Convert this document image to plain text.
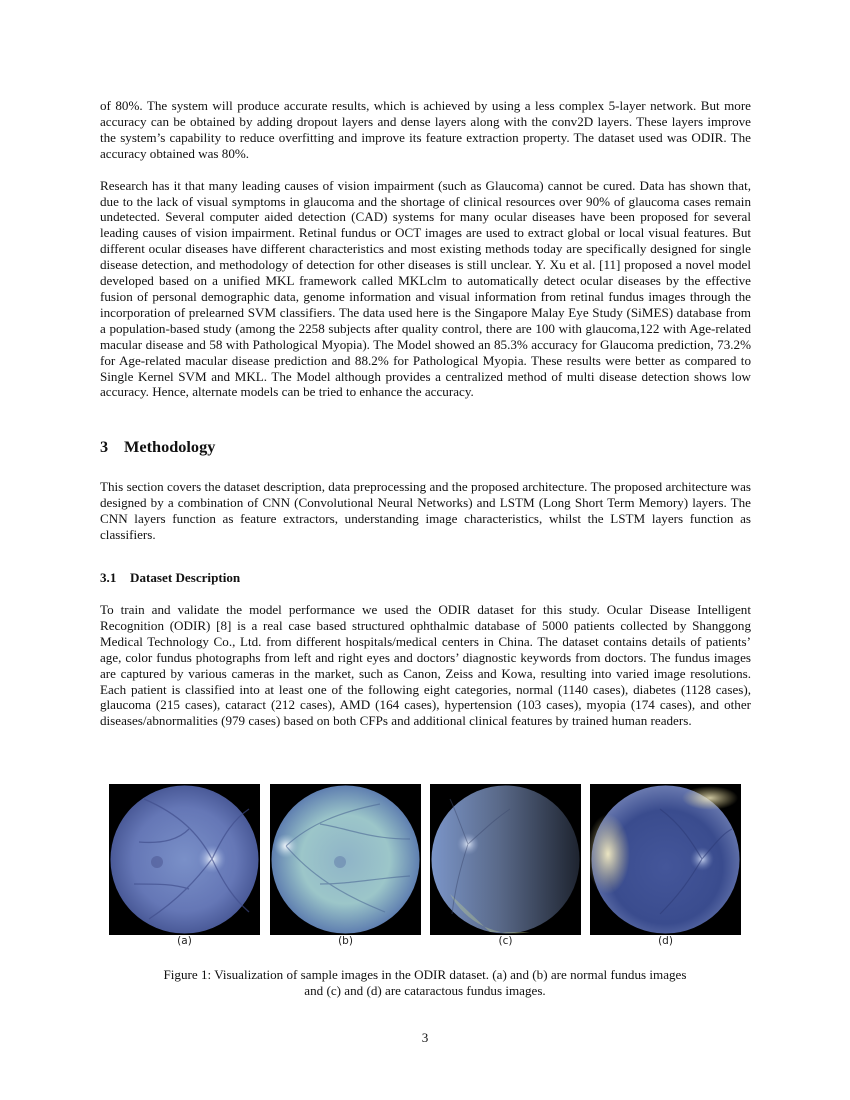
of 80%. The system will produce accurate results, which is achieved by using a less complex 5-layer network. But more accuracy can be obtained by adding dropout layers and dense layers along with the conv2D layers. These layers improve the system’s capability to reduce overfitting and improve its feature extraction property. The dataset used was ODIR. The accuracy obtained was 80%.

Research has it that many leading causes of vision impairment (such as Glaucoma) cannot be cured. Data has shown that, due to the lack of visual symptoms in glaucoma and the shortage of clinical resources over 90% of glaucoma cases remain undetected. Several computer aided detection (CAD) systems for many ocular diseases have been proposed for several leading causes of vision impairment. Retinal fundus or OCT images are used to extract global or local visual features. But different ocular diseases have different characteristics and most existing methods today are specifically designed for single disease detection, and methodology of detection for other diseases is still unclear. Y. Xu et al. [11] proposed a novel model developed based on a unified MKL framework called MKLclm to automatically detect ocular diseases by the effective fusion of personal demographic data, genome information and visual information from retinal fundus images through the incorporation of prelearned SVM classifiers. The data used here is the Singapore Malay Eye Study (SiMES) database from a population-based study (among the 2258 subjects after quality control, there are 100 with glaucoma,122 with Age-related macular disease and 58 with Pathological Myopia). The Model showed an 85.3% accuracy for Glaucoma prediction, 73.2% for Age-related macular disease prediction and 88.2% for Pathological Myopia. These results were better as compared to Single Kernel SVM and MKL. The Model although provides a centralized method of multi disease detection shows low accuracy. Hence, alternate models can be tried to enhance the accuracy.

3 Methodology

This section covers the dataset description, data preprocessing and the proposed architecture. The proposed architecture was designed by a combination of CNN (Convolutional Neural Networks) and LSTM (Long Short Term Memory) layers. The CNN layers function as feature extractors, understanding image characteristics, whilst the LSTM layers function as classifiers.

3.1 Dataset Description

To train and validate the model performance we used the ODIR dataset for this study. Ocular Disease Intelligent Recognition (ODIR) [8] is a real case based structured ophthalmic database of 5000 patients collected by Shanggong Medical Technology Co., Ltd. from different hospitals/medical centers in China. The dataset contains details of patients’ age, color fundus photographs from left and right eyes and doctors’ diagnostic keywords from doctors. The fundus images are captured by various cameras in the market, such as Canon, Zeiss and Kowa, resulting into varied image resolutions. Each patient is classified into at least one of the following eight categories, normal (1140 cases), diabetes (1128 cases), glaucoma (215 cases), cataract (212 cases), AMD (164 cases), hypertension (103 cases), myopia (174 cases), and other diseases/abnormalities (979 cases) based on both CFPs and additional clinical features by trained human readers.

(a)	(b)	(c)	(d)
Figure 1: Visualization of sample images in the ODIR dataset. (a) and (b) are normal fundus images and (c) and (d) are cataractous fundus images.
3
